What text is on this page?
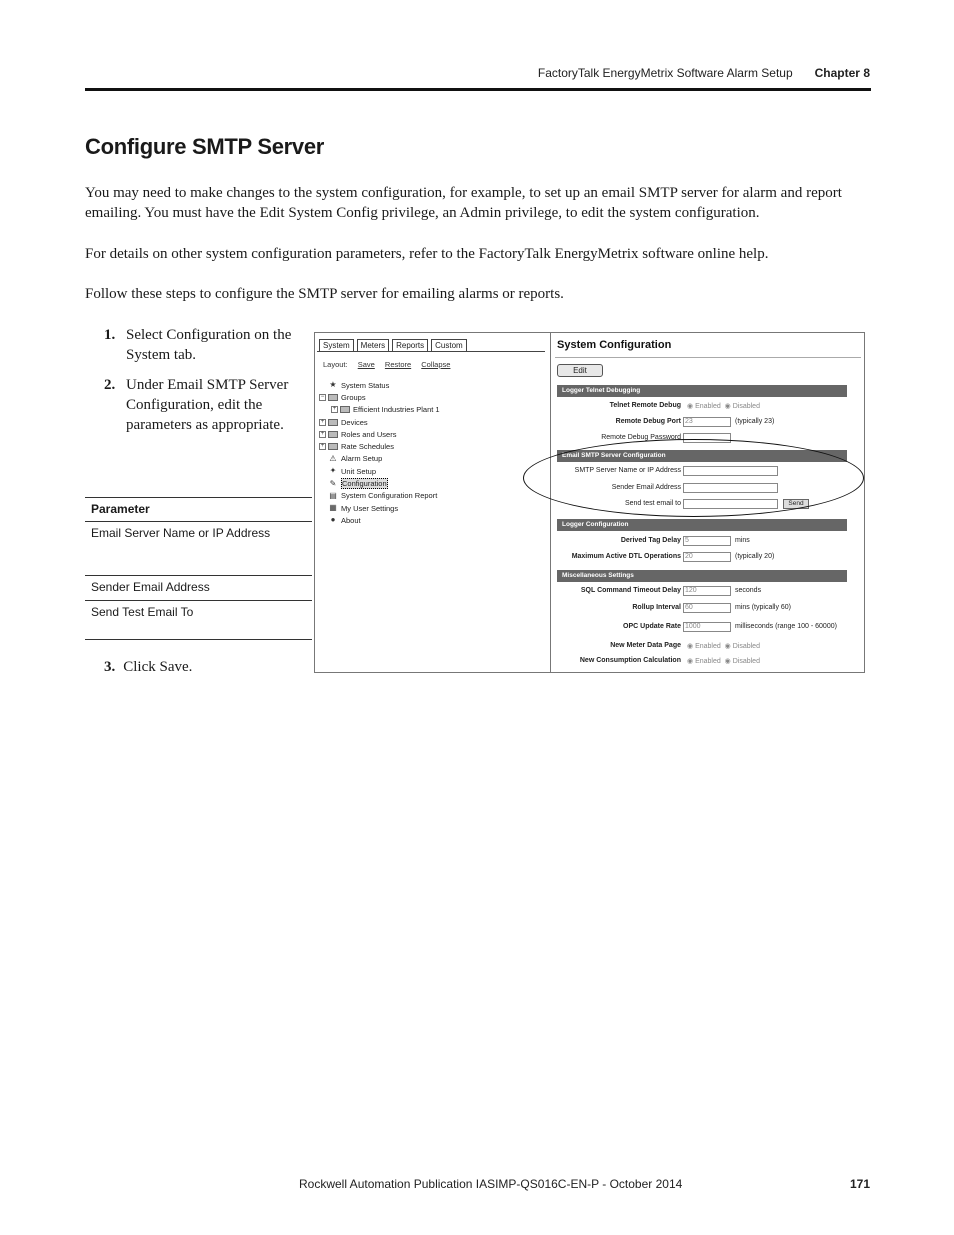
FactoryTalk EnergyMetrix Software Alarm Setup Chapter 8
Configure SMTP Server

You may need to make changes to the system configuration, for example, to set up an email SMTP server for alarm and report emailing. You must have the Edit System Config privilege, an Admin privilege, to edit the system configuration.

For details on other system configuration parameters, refer to the FactoryTalk EnergyMetrix software online help.

Follow these steps to configure the SMTP server for emailing alarms or reports.

1. Select Configuration on the System tab.
2. Under Email SMTP Server Configuration, edit the parameters as appropriate.
Parameter
Email Server Name or IP Address
Sender Email Address
Send Test Email To
System	Meters	Reports	Custom
Layout: Save Restore Collapse
★ System Status
− Groups
+ Efficient Industries Plant 1
+ Devices
+ Roles and Users
+ Rate Schedules
⚠ Alarm Setup
✦ Unit Setup
✎ Configuration
▤ System Configuration Report
▦ My User Settings
● About
System Configuration
Edit
Logger Telnet Debugging
Telnet Remote Debug ◉ Enabled ◉ Disabled
Remote Debug Port 23	(typically 23)
Remote Debug Password
Email SMTP Server Configuration
SMTP Server Name or IP Address
Sender Email Address
Send test email to	Send
Logger Configuration
Derived Tag Delay 5	mins
Maximum Active DTL Operations 20	(typically 20)
Miscellaneous Settings
SQL Command Timeout Delay 120	seconds
Rollup Interval 60	mins (typically 60)
OPC Update Rate 1000	milliseconds (range 100 - 60000)
New Meter Data Page ◉ Enabled ◉ Disabled
New Consumption Calculation ◉ Enabled ◉ Disabled
3. Click Save.
Rockwell Automation Publication IASIMP-QS016C-EN-P - October 2014	171
